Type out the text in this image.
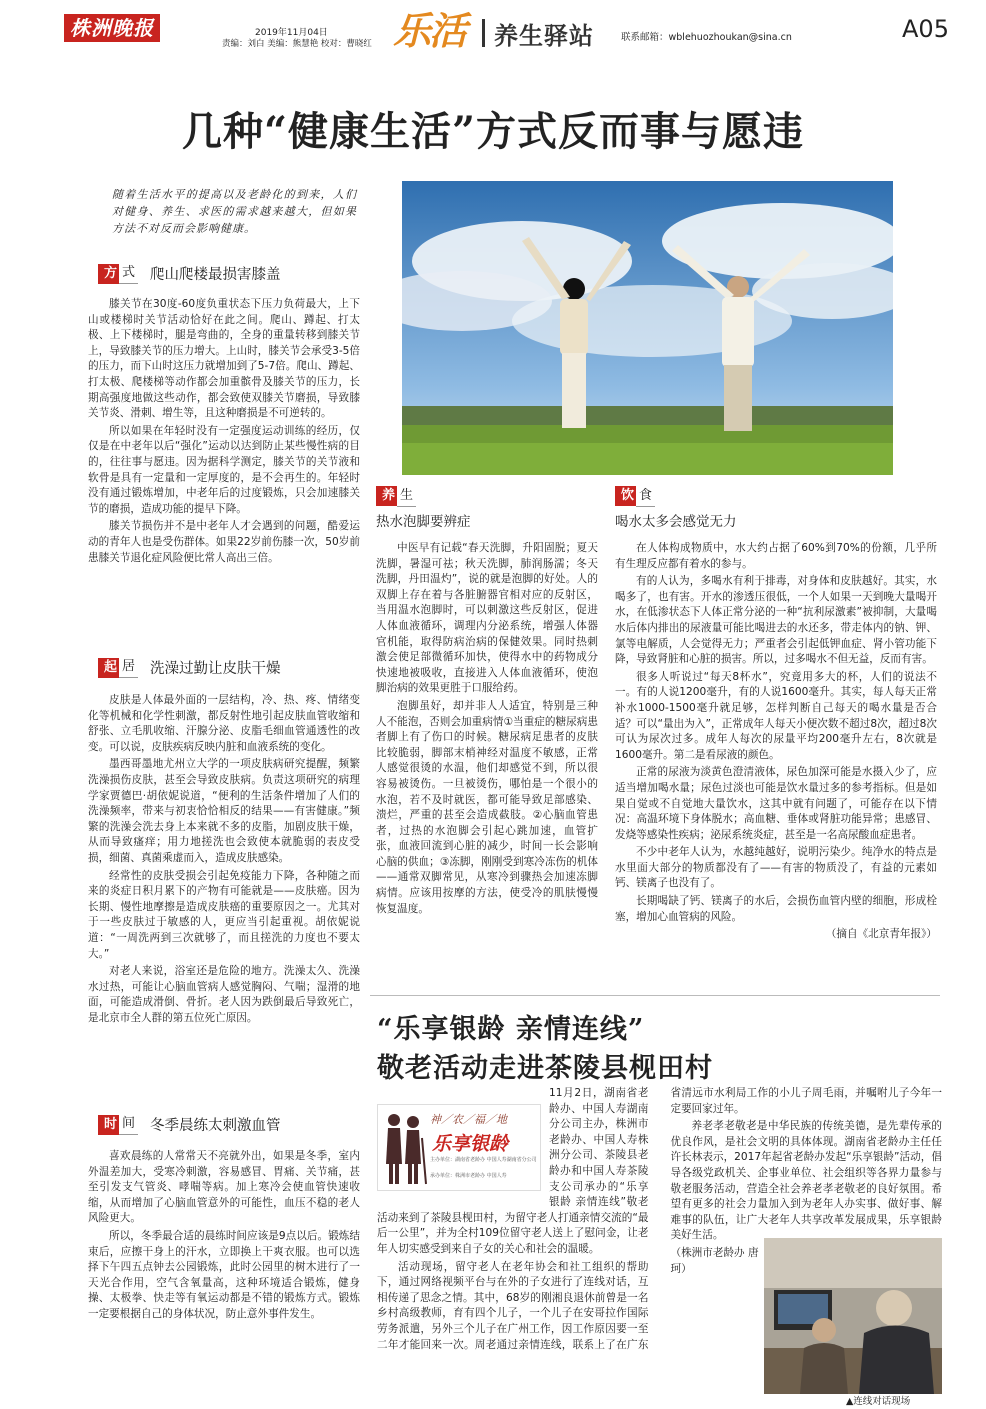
株洲晚报	2019年11月04日
责编：刘白 美编：熊慧艳 校对：曹晓红 乐活 养生驿站	联系邮箱：wblehuozhoukan@sina.cn	A05
几种“健康生活”方式反而事与愿违
随着生活水平的提高以及老龄化的到来，人们对健身、养生、求医的需求越来越大，但如果方法不对反而会影响健康。
方 式 爬山爬楼最损害膝盖

膝关节在30度-60度负重状态下压力负荷最大，上下山或楼梯时关节活动恰好在此之间。爬山、蹲起、打太极、上下楼梯时，腿是弯曲的，全身的重量转移到膝关节上，导致膝关节的压力增大。上山时，膝关节会承受3-5倍的压力，而下山时这压力就增加到了5-7倍。爬山、蹲起、打太极、爬楼梯等动作都会加重髌骨及膝关节的压力，长期高强度地做这些动作，都会致使双膝关节磨损，导致膝关节炎、滑刺、增生等，且这种磨损是不可逆转的。

所以如果在年轻时没有一定强度运动训练的经历，仅仅是在中老年以后“强化”运动以达到防止某些慢性病的目的，往往事与愿违。因为据科学测定，膝关节的关节液和软骨是具有一定量和一定厚度的，是不会再生的。年轻时没有通过锻炼增加，中老年后的过度锻炼，只会加速膝关节的磨损，造成功能的提早下降。

膝关节损伤并不是中老年人才会遇到的问题，酷爱运动的青年人也是受伤群体。如果22岁前伤膝一次，50岁前患膝关节退化症风险便比常人高出三倍。

起 居 洗澡过勤让皮肤干燥

皮肤是人体最外面的一层结构，冷、热、疼、情绪变化等机械和化学性刺激，都反射性地引起皮肤血管收缩和舒张、立毛肌收缩、汗腺分泌、皮脂毛细血管通透性的改变。可以说，皮肤疾病反映内脏和血液系统的变化。

墨西哥墨地尤州立大学的一项皮肤病研究提醒，频繁洗澡损伤皮肤，甚至会导致皮肤病。负责这项研究的病理学家贾德巴·胡依妮说道，“便利的生活条件增加了人们的洗澡频率，带来与初衷恰恰相反的结果——有害健康。”频繁的洗澡会洗去身上本来就不多的皮脂，加剧皮肤干燥，从而导致瘙痒；用力地搓洗也会致使本就脆弱的表皮受损，细菌、真菌乘虚而入，造成皮肤感染。

经常性的皮肤受损会引起免疫能力下降，各种随之而来的炎症日积月累下的产物有可能就是——皮肤癌。因为长期、慢性地摩擦是造成皮肤癌的重要原因之一。尤其对于一些皮肤过于敏感的人，更应当引起重视。胡依妮说道：“一周洗两到三次就够了，而且搓洗的力度也不要太大。”

对老人来说，浴室还是危险的地方。洗澡太久、洗澡水过热，可能让心脑血管病人感觉胸闷、气喘；湿滑的地面，可能造成滑倒、骨折。老人因为跌倒最后导致死亡，是北京市全人群的第五位死亡原因。

时 间 冬季晨练太刺激血管

喜欢晨练的人常常天不亮就外出，如果是冬季，室内外温差加大，受寒冷刺激，容易感冒、胃痛、关节痛，甚至引发支气管炎、哮喘等病。加上寒冷会使血管快速收缩，从而增加了心脑血管意外的可能性，血压不稳的老人风险更大。

所以，冬季最合适的晨练时间应该是9点以后。锻炼结束后，应擦干身上的汗水，立即换上干爽衣服。也可以选择下午四五点钟去公园锻炼，此时公园里的树木进行了一天光合作用，空气含氧量高，这种环境适合锻炼，健身操、太极拳、快走等有氧运动都是不错的锻炼方式。锻炼一定要根据自己的身体状况，防止意外事件发生。

养 生
热水泡脚要辨症

中医早有记载“春天洗脚，升阳固脱；夏天洗脚，暑湿可祛；秋天洗脚，肺润肠濡；冬天洗脚，丹田温灼”，说的就是泡脚的好处。人的双脚上存在着与各脏腑器官相对应的反射区，当用温水泡脚时，可以刺激这些反射区，促进人体血液循环，调理内分泌系统，增强人体器官机能，取得防病治病的保健效果。同时热刺激会使足部微循环加快，使得水中的药物成分快速地被吸收，直接进入人体血液循环，使泡脚治病的效果更胜于口服给药。

泡脚虽好，却并非人人适宜，特别是三种人不能泡，否则会加重病情①当重症的糖尿病患者脚上有了伤口的时候。糖尿病足患者的皮肤比较脆弱，脚部末梢神经对温度不敏感，正常人感觉很烫的水温，他们却感觉不到，所以很容易被烫伤。一旦被烫伤，哪怕是一个很小的水泡，若不及时就医，都可能导致足部感染、溃烂，严重的甚至会造成截肢。②心脑血管患者，过热的水泡脚会引起心跳加速，血管扩张，血液回流到心脏的减少，时间一长会影响心脑的供血；③冻脚，刚刚受到寒冷冻伤的机体——通常双脚常见，从寒冷到骤热会加速冻脚病情。应该用按摩的方法，使受冷的肌肤慢慢恢复温度。

饮 食
喝水太多会感觉无力

在人体构成物质中，水大约占据了60%到70%的份额，几乎所有生理反应都有着水的参与。

有的人认为，多喝水有利于排毒，对身体和皮肤越好。其实，水喝多了，也有害。开水的渗透压很低，一个人如果一天到晚大量喝开水，在低渗状态下人体正常分泌的一种“抗利尿激素”被抑制，大量喝水后体内排出的尿液量可能比喝进去的水还多，带走体内的钠、钾、氯等电解质，人会觉得无力；严重者会引起低钾血症、肾小管功能下降，导致肾脏和心脏的损害。所以，过多喝水不但无益，反而有害。

很多人听说过“每天8杯水”，究竟用多大的杯，人们的说法不一。有的人说1200毫升，有的人说1600毫升。其实，每人每天正常补水1000-1500毫升就足够，怎样判断自己每天的喝水量是否合适？可以“量出为入”，正常成年人每天小便次数不超过8次，超过8次可认为尿次过多。成年人每次的尿量平均200毫升左右，8次就是1600毫升。第二是看尿液的颜色。

正常的尿液为淡黄色澄清液体，尿色加深可能是水摄入少了，应适当增加喝水量；尿色过淡也可能是饮水量过多的参考指标。但是如果自觉或不自觉地大量饮水，这其中就有问题了，可能存在以下情况：高温环境下身体脱水；高血糖、垂体或肾脏功能异常；患感冒、发烧等感染性疾病；泌尿系统炎症，甚至是一名高尿酸血症患者。

不少中老年人认为，水越纯越好，说明污染少。纯净水的特点是水里面大部分的物质都没有了——有害的物质没了，有益的元素如钙、镁离子也没有了。

长期喝缺了钙、镁离子的水后，会损伤血管内壁的细胞，形成栓塞，增加心血管病的风险。

（摘自《北京青年报》）
“乐享银龄 亲情连线”
敬老活动走进茶陵县枧田村
神／农／福／地
乐享银龄
主办单位：湖南省老龄办 中国人寿湖南省分公司
承办单位：株洲市老龄办 中国人寿

11月2日，湖南省老龄办、中国人寿湖南分公司主办，株洲市老龄办、中国人寿株洲分公司、茶陵县老龄办和中国人寿茶陵支公司承办的“乐享银龄 亲情连线”敬老活动来到了茶陵县枧田村，为留守老人打通亲情交流的“最后一公里”，并为全村109位留守老人送上了慰问金，让老年人切实感受到来自子女的关心和社会的温暖。

活动现场，留守老人在老年协会和社工组织的帮助下，通过网络视频平台与在外的子女进行了连线对话，互相传递了思念之情。其中，68岁的刚湘良退休前曾是一名乡村高级教师，育有四个儿子，一个儿子在安哥拉作国际劳务派遣，另外三个儿子在广州工作，因工作原因要一至二年才能回来一次。周老通过亲情连线，联系上了在广东省清远市水利局工作的小儿子周毛雨，并嘱咐儿子今年一定要回家过年。

养老孝老敬老是中华民族的传统美德，是先辈传承的优良作风，是社会文明的具体体现。湖南省老龄办主任任许长林表示，2017年起省老龄办发起“乐享银龄”活动，倡导各级党政机关、企事业单位、社会组织等各界力量参与敬老服务活动，营造全社会养老孝老敬老的良好氛围。希望有更多的社会力量加入到为老年人办实事、做好事、解难事的队伍，让广大老年人共享改革发展成果，乐享银龄美好生活。

（株洲市老龄办 唐珂）
▲连线对话现场
